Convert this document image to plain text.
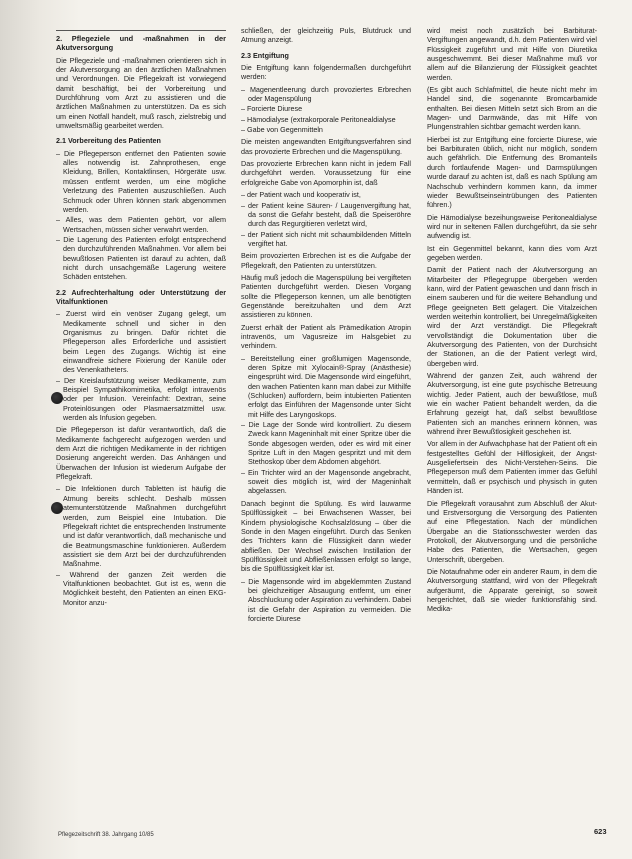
2. Pflegeziele und -maßnahmen in der Akutversorgung

Die Pflegeziele und -maßnahmen orientieren sich in der Akutversorgung an den ärztlichen Maßnahmen und Verordnungen. Die Pflegekraft ist vorwiegend damit beschäftigt, bei der Vorbereitung und Durchführung vom Arzt zu assistieren und die ärztlichen Maßnahmen zu unterstützen. Da es sich um einen Notfall handelt, muß rasch, zielstrebig und umweltsmäßig gearbeitet werden.

2.1 Vorbereitung des Patienten
– Die Pflegeperson entfernet den Patienten sowie alles notwendig ist. Zahnprothesen, enge Kleidung, Brillen, Kontaktlinsen, Hörgeräte usw. müssen entfernt werden, um eine mögliche Verletzung des Patienten auszuschließen. Auch Schmuck oder Uhren können stark abgenommen werden.
– Alles, was dem Patienten gehört, vor allem Wertsachen, müssen sicher verwahrt werden.
– Die Lagerung des Patienten erfolgt entsprechend den durchzuführenden Maßnahmen. Vor allem bei bewußtlosen Patienten ist darauf zu achten, daß nicht durch unsachgemäße Lagerung weitere Schäden entstehen.
2.2 Aufrechterhaltung oder Unterstützung der Vitalfunktionen
– Zuerst wird ein venöser Zugang gelegt, um Medikamente schnell und sicher in den Organismus zu bringen. Dafür richtet die Pflegeperson alles Erforderliche und assistiert beim Legen des Zugangs. Wichtig ist eine einwandfreie sichere Fixierung der Kanüle oder des Venenkatheters.
– Der Kreislaufstützung weiser Medikamente, zum Beispiel Sympathikomimetika, erfolgt intravenös oder per Infusion. Vereinfacht: Dextran, seine Proteinlösungen oder Plasmaersatzmittel usw. werden als Infusion gegeben.

Die Pflegeperson ist dafür verantwortlich, daß die Medikamente fachgerecht aufgezogen werden und dem Arzt die richtigen Medikamente in der richtigen Dosierung angereicht werden. Das Anhängen und Überwachen der Infusion ist wiederum Aufgabe der Pflegekraft.

– Die Infektionen durch Tabletten ist häufig die Atmung bereits schlecht. Deshalb müssen atemunterstützende Maßnahmen durchgeführt werden, zum Beispiel eine Intubation. Die Pflegekraft richtet die entsprechenden Instrumente und ist dafür verantwortlich, daß mechanische und die Beatmungsmaschine funktionieren. Außerdem assistiert sie dem Arzt bei der durchzuführenden Maßnahme.
– Während der ganzen Zeit werden die Vitalfunktionen beobachtet. Gut ist es, wenn die Möglichkeit besteht, den Patienten an einen EKG-Monitor anzu-

schließen, der gleichzeitig Puls, Blutdruck und Atmung anzeigt.

2.3 Entgiftung

Die Entgiftung kann folgendermaßen durchgeführt werden:

– Magenentleerung durch provoziertes Erbrechen oder Magenspülung
– Forcierte Diurese
– Hämodialyse (extrakorporale Peritonealdialyse
– Gabe von Gegenmitteln

Die meisten angewandten Entgiftungsverfahren sind das provozierte Erbrechen und die Magenspülung.

Das provozierte Erbrechen kann nicht in jedem Fall durchgeführt werden. Voraussetzung für eine erfolgreiche Gabe von Apomorphin ist, daß

– der Patient wach und kooperativ ist,
– der Patient keine Säuren- / Laugenvergiftung hat, da sonst die Gefahr besteht, daß die Speiseröhre durch das Regurgitieren verletzt wird,
– der Patient sich nicht mit schaumbildenden Mitteln vergiftet hat.

Beim provozierten Erbrechen ist es die Aufgabe der Pflegekraft, den Patienten zu unterstützen.

Häufig muß jedoch die Magenspülung bei vergifteten Patienten durchgeführt werden. Diesen Vorgang sollte die Pflegeperson kennen, um alle benötigten Gegenstände bereitzuhalten und dem Arzt assistieren zu können.

Zuerst erhält der Patient als Prämedikation Atropin intravenös, um Vagusreize im Halsgebiet zu verhindern.

– Bereitstellung einer großlumigen Magensonde, deren Spitze mit Xylocain®-Spray (Anästhesie) eingesprüht wird. Die Magensonde wird eingeführt, den wachen Patienten kann man dabei zur Mithilfe (Schlucken) auffordern, beim intubierten Patienten erfolgt das Einführen der Magensonde unter Sicht mit Hilfe des Laryngoskops.
– Die Lage der Sonde wird kontrolliert. Zu diesem Zweck kann Mageninhalt mit einer Spritze über die Sonde abgesogen werden, oder es wird mit einer Spritze Luft in den Magen gespritzt und mit dem Stethoskop über dem Abdomen abgehört.
– Ein Trichter wird an der Magensonde angebracht, soweit dies möglich ist, wird der Mageninhalt abgelassen.

Danach beginnt die Spülung. Es wird lauwarme Spülflüssigkeit – bei Erwachsenen Wasser, bei Kindern physiologische Kochsalzlösung – über die Sonde in den Magen eingeführt. Durch das Senken des Trichters kann die Flüssigkeit dann wieder abfließen. Der Wechsel zwischen Instillation der Spülflüssigkeit und Abfließenlassen erfolgt so lange, bis die Spülflüssigkeit klar ist.

– Die Magensonde wird im abgeklemmten Zustand bei gleichzeitiger Absaugung entfernt, um einer Abschluckung oder Aspiration zu verhindern. Dabei ist die Gefahr der Aspiration zu vermeiden. Die forcierte Diurese

wird meist noch zusätzlich bei Barbiturat-Vergiftungen angewandt, d.h. dem Patienten wird viel Flüssigkeit zugeführt und mit Hilfe von Diuretika ausgeschwemmt. Bei dieser Maßnahme muß vor allem auf die Bilanzierung der Flüssigkeit geachtet werden.

(Es gibt auch Schlafmittel, die heute nicht mehr im Handel sind, die sogenannte Bromcarbamide enthalten. Bei diesen Mitteln setzt sich Brom an die Magen- und Darmwände, das mit Hilfe von Plungenstrahlen sichtbar gemacht werden kann.

Hierbei ist zur Entgiftung eine forcierte Diurese, wie bei Barbituraten üblich, nicht nur möglich, sondern auch gefährlich. Die Entfernung des Bromanteils durch fortlaufende Magen- und Darmspülungen wurde darauf zu achten ist, daß es nach Spülung am Nachschub verhindern kommen kann, da immer wieder Bewußtseinseintrübungen des Patienten führen.)

Die Hämodialyse bezeihungsweise Peritonealdialyse wird nur in seltenen Fällen durchgeführt, da sie sehr aufwendig ist.

Ist ein Gegenmittel bekannt, kann dies vom Arzt gegeben werden.

Damit der Patient nach der Akutversorgung an Mitarbeiter der Pflegegruppe übergeben werden kann, wird der Patient gewaschen und dann frisch in einem sauberen und für die weitere Behandlung und Pflege geeigneten Bett gelagert. Die Vitalzeichen werden weiterhin kontrolliert, bei Unregelmäßigkeiten wird der Arzt verständigt. Die Pflegekraft vervollständigt die Dokumentation über die Akutversorgung des Patienten, von der Durchsicht der Stationen, an die der Patient verlegt wird, übergeben wird.

Während der ganzen Zeit, auch während der Akutversorgung, ist eine gute psychische Betreuung wichtig. Jeder Patient, auch der bewußtlose, muß wie ein wacher Patient behandelt werden, da die Erfahrung gezeigt hat, daß selbst bewußtlose Patienten sich an manches erinnern können, was während ihrer Bewußtlosigkeit geschehen ist.

Vor allem in der Aufwachphase hat der Patient oft ein festgestelltes Gefühl der Hilflosigkeit, der Angst-Ausgeliefertsein des Nicht-Verstehen-Seins. Die Pflegeperson muß dem Patienten immer das Gefühl vermitteln, daß er psychisch und physisch in guten Händen ist.

Die Pflegekraft vorausahnt zum Abschluß der Akut- und Erstversorgung die Versorgung des Patienten auf eine Pflegestation. Nach der mündlichen Übergabe an die Stationsschwester werden das Protokoll, der Akutversorgung und die persönliche Habe des Patienten, die Wertsachen, gegen Unterschrift, übergeben.

Die Notaufnahme oder ein anderer Raum, in dem die Akutversorgung stattfand, wird von der Pflegekraft aufgeräumt, die Apparate gereinigt, so soweit hergerichtet, daß sie wieder funktionsfähig sind. Medika-

Pflegezeitschrift 38. Jahrgang 10/85	623
